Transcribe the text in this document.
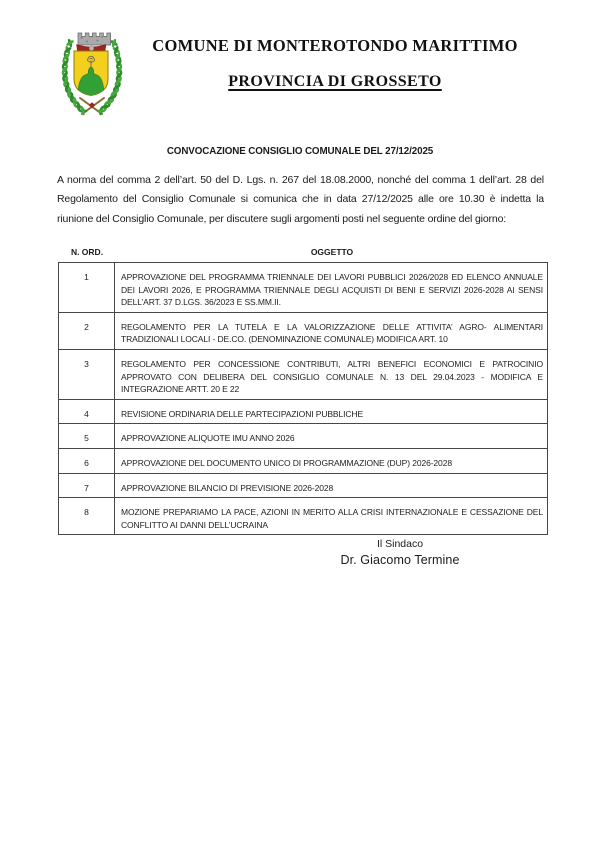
COMUNE DI MONTEROTONDO MARITTIMO
PROVINCIA DI GROSSETO
CONVOCAZIONE CONSIGLIO COMUNALE DEL 27/12/2025
A norma del comma 2 dell’art. 50 del D. Lgs. n. 267 del 18.08.2000, nonché del comma 1 dell’art. 28 del Regolamento del Consiglio Comunale si comunica che in data 27/12/2025 alle ore 10.30 è indetta la riunione del Consiglio Comunale, per discutere sugli argomenti posti nel seguente ordine del giorno:
N. ORD.	OGGETTO
1	APPROVAZIONE DEL PROGRAMMA TRIENNALE DEI LAVORI PUBBLICI 2026/2028 ED ELENCO ANNUALE DEI LAVORI 2026, E PROGRAMMA TRIENNALE DEGLI ACQUISTI DI BENI E SERVIZI 2026-2028 AI SENSI DELL’ART. 37 D.LGS. 36/2023 E SS.MM.II.
2	REGOLAMENTO PER LA TUTELA E LA VALORIZZAZIONE DELLE ATTIVITA’ AGRO- ALIMENTARI TRADIZIONALI LOCALI - DE.CO. (DENOMINAZIONE COMUNALE) MODIFICA ART. 10
3	REGOLAMENTO PER CONCESSIONE CONTRIBUTI, ALTRI BENEFICI ECONOMICI E PATROCINIO APPROVATO CON DELIBERA DEL CONSIGLIO COMUNALE N. 13 DEL 29.04.2023 - MODIFICA E INTEGRAZIONE ARTT. 20 E 22
4	REVISIONE ORDINARIA DELLE PARTECIPAZIONI PUBBLICHE
5	APPROVAZIONE ALIQUOTE IMU ANNO 2026
6	APPROVAZIONE DEL DOCUMENTO UNICO DI PROGRAMMAZIONE (DUP) 2026-2028
7	APPROVAZIONE BILANCIO DI PREVISIONE 2026-2028
8	MOZIONE PREPARIAMO LA PACE, AZIONI IN MERITO ALLA CRISI INTERNAZIONALE E CESSAZIONE DEL CONFLITTO AI DANNI DELL’UCRAINA
Il Sindaco
Dr. Giacomo Termine
